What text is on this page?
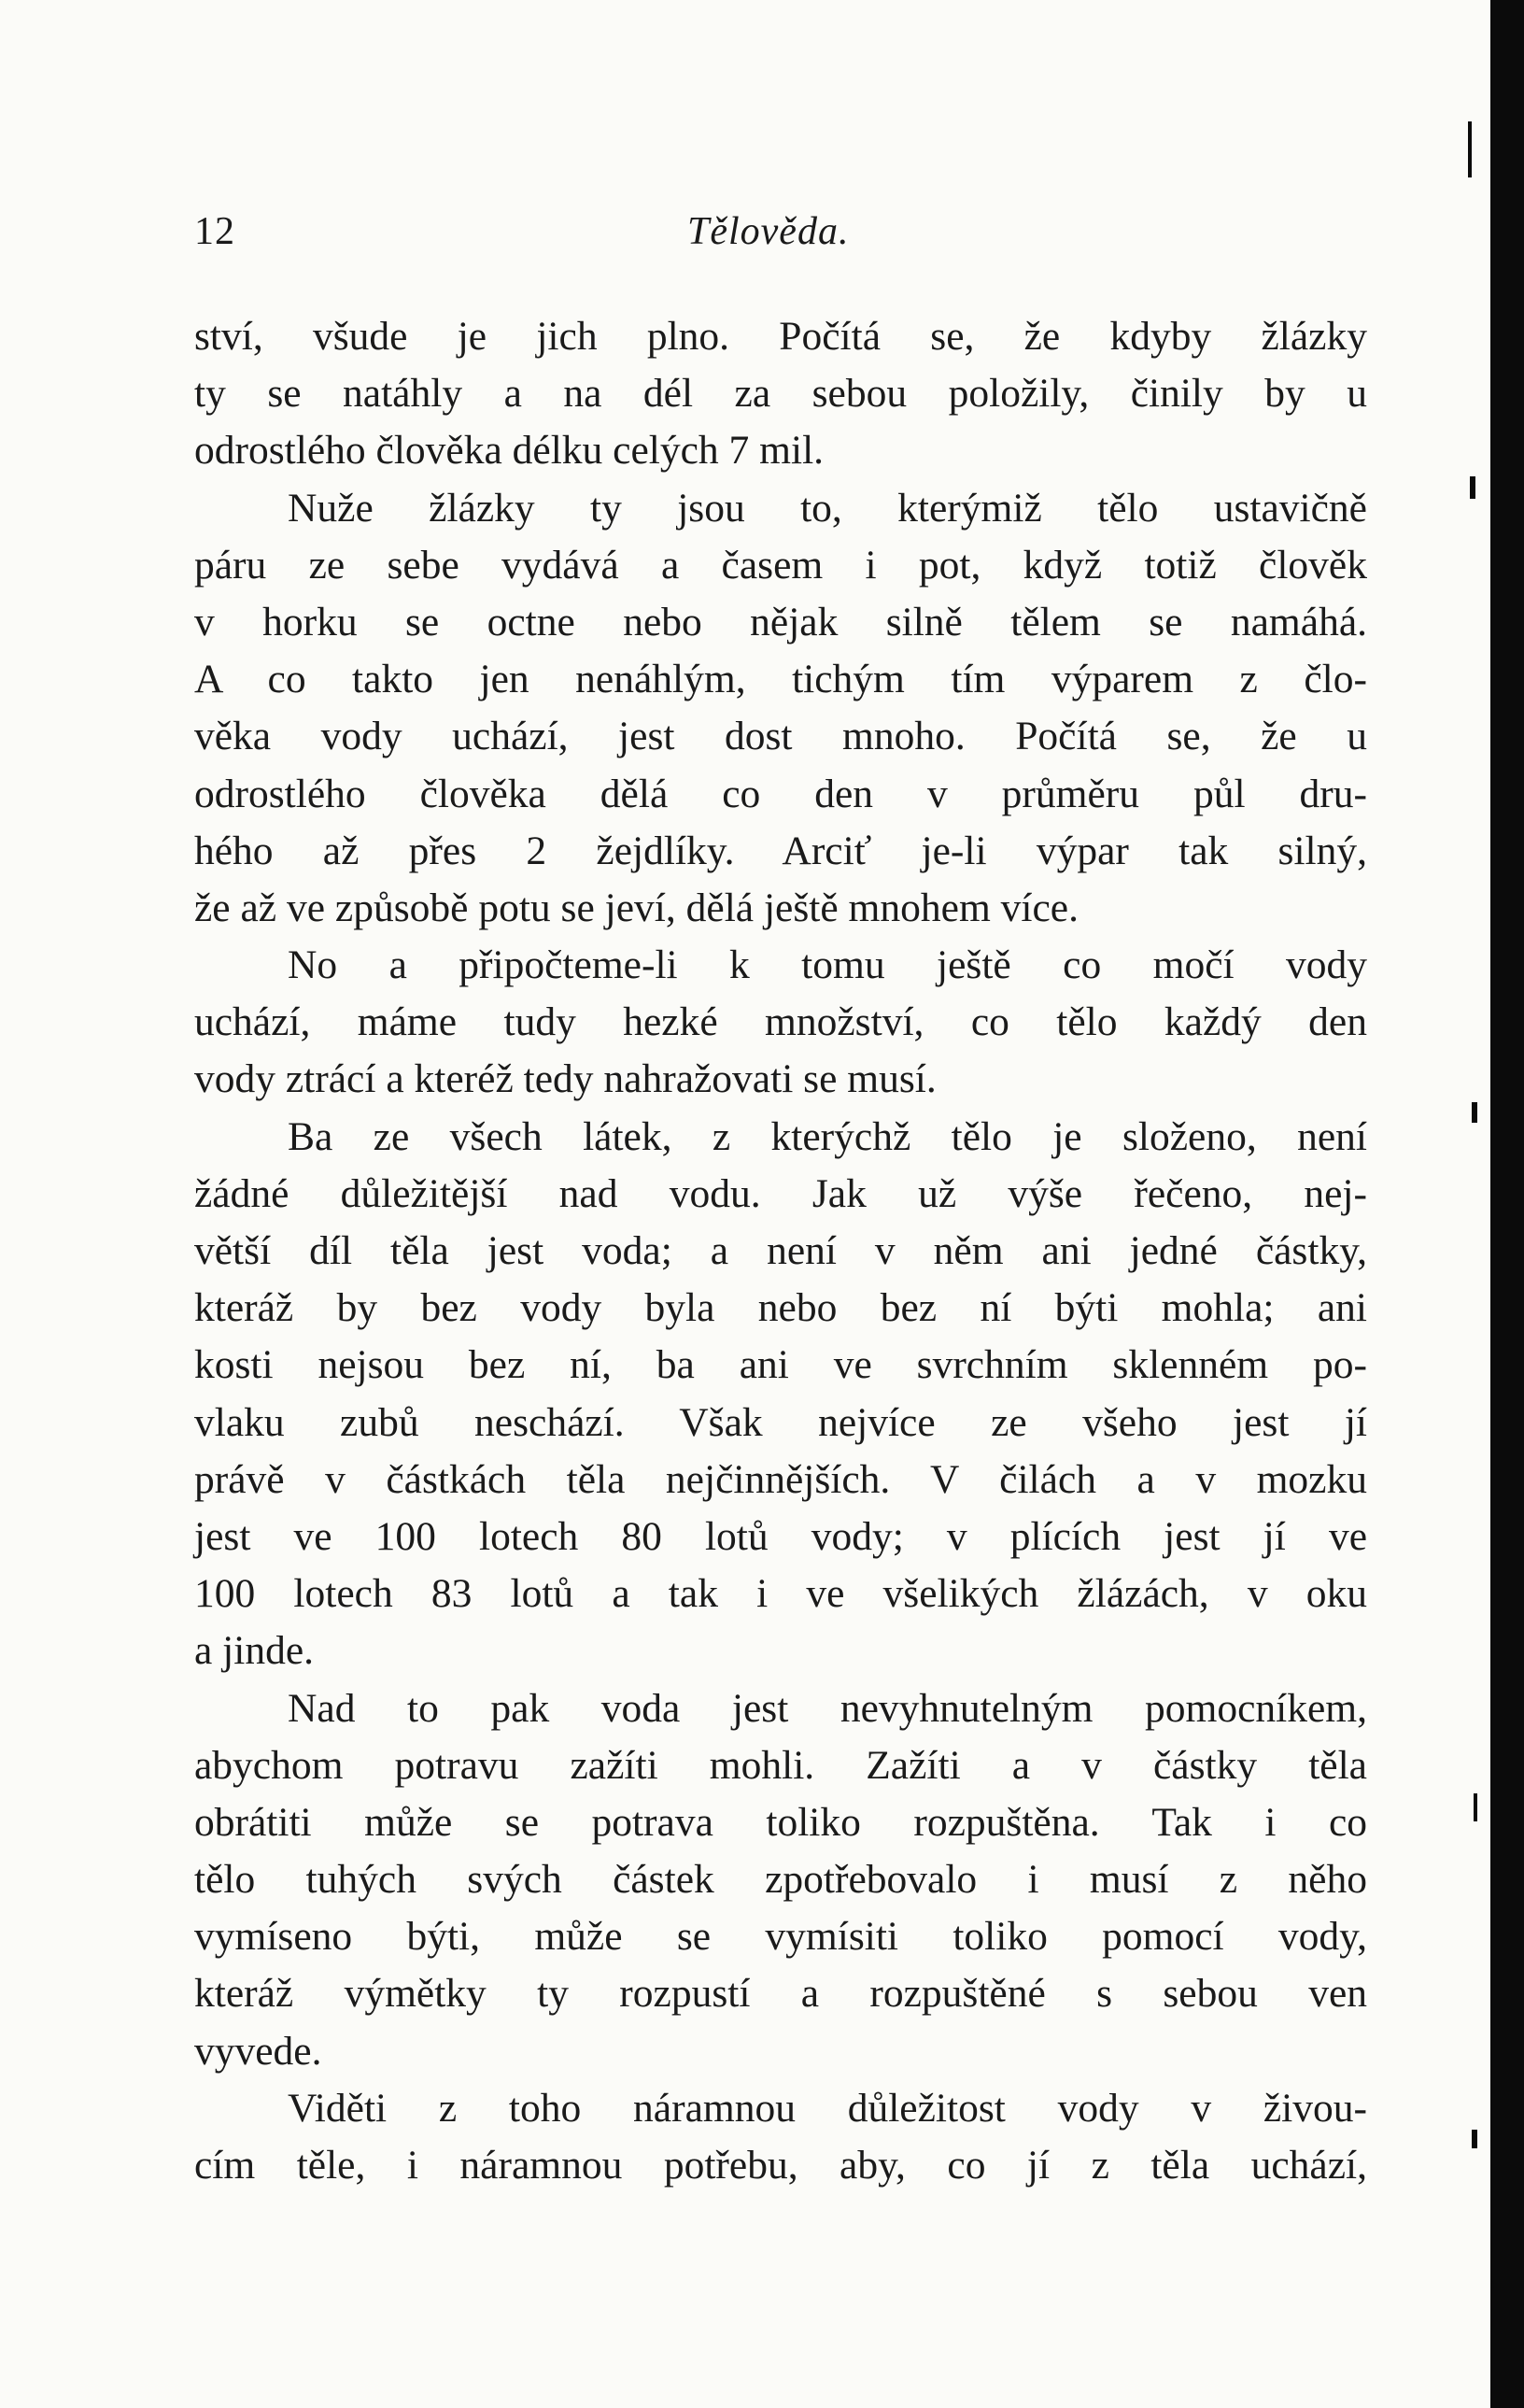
12	Tělověda.
ství, všude je jich plno. Počítá se, že kdyby žlázky
ty se natáhly a na dél za sebou položily, činily by u
odrostlého člověka délku celých 7 mil.
Nuže žlázky ty jsou to, kterýmiž tělo ustavičně
páru ze sebe vydává a časem i pot, když totiž člověk
v horku se octne nebo nějak silně tělem se namáhá.
A co takto jen nenáhlým, tichým tím výparem z člo-
věka vody uchází, jest dost mnoho. Počítá se, že u
odrostlého člověka dělá co den v průměru půl dru-
hého až přes 2 žejdlíky. Arciť je-li výpar tak silný,
že až ve způsobě potu se jeví, dělá ještě mnohem více.
No a připočteme-li k tomu ještě co močí vody
uchází, máme tudy hezké množství, co tělo každý den
vody ztrácí a kteréž tedy nahražovati se musí.
Ba ze všech látek, z kterýchž tělo je složeno, není
žádné důležitější nad vodu. Jak už výše řečeno, nej-
větší díl těla jest voda; a není v něm ani jedné částky,
kteráž by bez vody byla nebo bez ní býti mohla; ani
kosti nejsou bez ní, ba ani ve svrchním sklenném po-
vlaku zubů neschází. Však nejvíce ze všeho jest jí
právě v částkách těla nejčinnějších. V čilách a v mozku
jest ve 100 lotech 80 lotů vody; v plících jest jí ve
100 lotech 83 lotů a tak i ve všelikých žlázách, v oku
a jinde.
Nad to pak voda jest nevyhnutelným pomocníkem,
abychom potravu zažíti mohli. Zažíti a v částky těla
obrátiti může se potrava toliko rozpuštěna. Tak i co
tělo tuhých svých částek zpotřebovalo i musí z něho
vymíseno býti, může se vymísiti toliko pomocí vody,
kteráž výmětky ty rozpustí a rozpuštěné s sebou ven
vyvede.
Viděti z toho náramnou důležitost vody v živou-
cím těle, i náramnou potřebu, aby, co jí z těla uchází,
